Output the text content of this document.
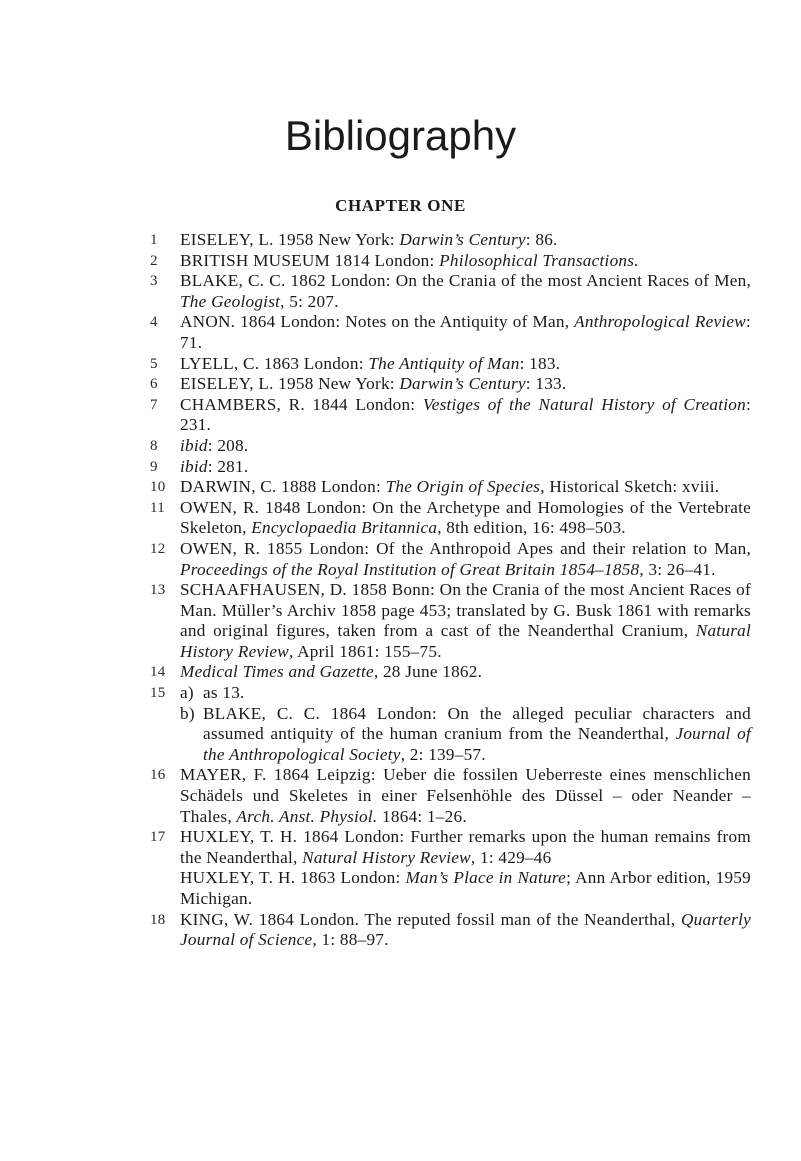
Bibliography
CHAPTER ONE
1	EISELEY, L. 1958 New York: Darwin’s Century: 86.
2	BRITISH MUSEUM 1814 London: Philosophical Transactions.
3	BLAKE, C. C. 1862 London: On the Crania of the most Ancient Races of Men, The Geologist, 5: 207.
4	ANON. 1864 London: Notes on the Antiquity of Man, Anthropological Review: 71.
5	LYELL, C. 1863 London: The Antiquity of Man: 183.
6	EISELEY, L. 1958 New York: Darwin’s Century: 133.
7	CHAMBERS, R. 1844 London: Vestiges of the Natural History of Creation: 231.
8	ibid: 208.
9	ibid: 281.
10 DARWIN, C. 1888 London: The Origin of Species, Historical Sketch: xviii.
11 OWEN, R. 1848 London: On the Archetype and Homologies of the Vertebrate Skeleton, Encyclopaedia Britannica, 8th edition, 16: 498–503.
12 OWEN, R. 1855 London: Of the Anthropoid Apes and their relation to Man, Proceedings of the Royal Institution of Great Britain 1854–1858, 3: 26–41.
13 SCHAAFHAUSEN, D. 1858 Bonn: On the Crania of the most Ancient Races of Man. Müller’s Archiv 1858 page 453; translated by G. Busk 1861 with remarks and original figures, taken from a cast of the Neanderthal Cranium, Natural History Review, April 1861: 155–75.
14 Medical Times and Gazette, 28 June 1862.
15 a) as 13.
b) BLAKE, C. C. 1864 London: On the alleged peculiar characters and assumed antiquity of the human cranium from the Neanderthal, Journal of the Anthropological Society, 2: 139–57.
16 MAYER, F. 1864 Leipzig: Ueber die fossilen Ueberreste eines menschlichen Schädels und Skeletes in einer Felsenhöhle des Düssel – oder Neander – Thales, Arch. Anst. Physiol. 1864: 1–26.
17 HUXLEY, T. H. 1864 London: Further remarks upon the human remains from the Neanderthal, Natural History Review, 1: 429–46
HUXLEY, T. H. 1863 London: Man’s Place in Nature; Ann Arbor edition, 1959 Michigan.
18 KING, W. 1864 London. The reputed fossil man of the Neanderthal, Quarterly Journal of Science, 1: 88–97.
